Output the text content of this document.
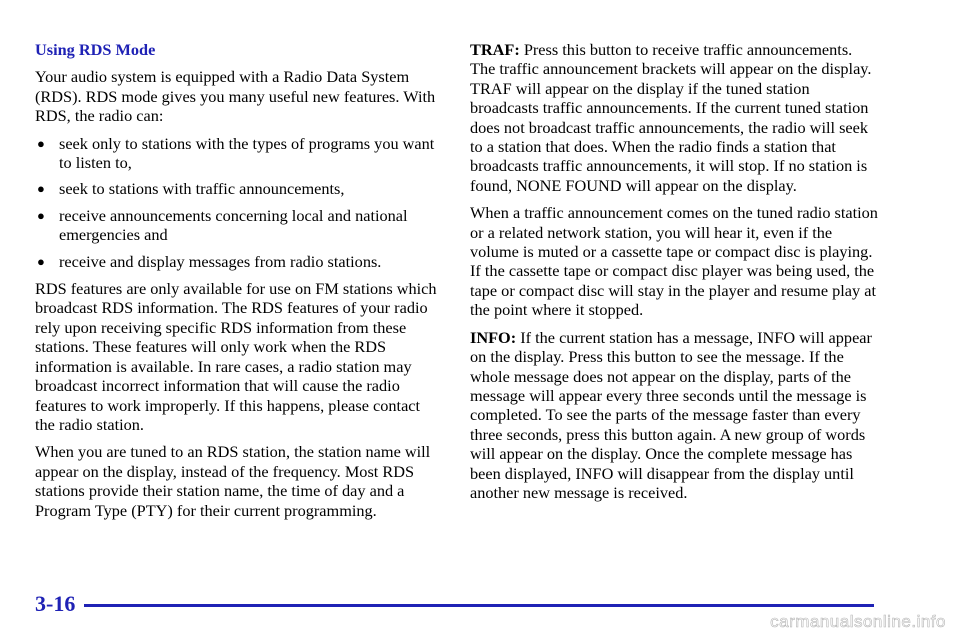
Using RDS Mode

Your audio system is equipped with a Radio Data System (RDS). RDS mode gives you many useful new features. With RDS, the radio can:

● seek only to stations with the types of programs you want to listen to,
● seek to stations with traffic announcements,
● receive announcements concerning local and national emergencies and
● receive and display messages from radio stations.

RDS features are only available for use on FM stations which broadcast RDS information. The RDS features of your radio rely upon receiving specific RDS information from these stations. These features will only work when the RDS information is available. In rare cases, a radio station may broadcast incorrect information that will cause the radio features to work improperly. If this happens, please contact the radio station.

When you are tuned to an RDS station, the station name will appear on the display, instead of the frequency. Most RDS stations provide their station name, the time of day and a Program Type (PTY) for their current programming.

TRAF: Press this button to receive traffic announcements. The traffic announcement brackets will appear on the display. TRAF will appear on the display if the tuned station broadcasts traffic announcements. If the current tuned station does not broadcast traffic announcements, the radio will seek to a station that does. When the radio finds a station that broadcasts traffic announcements, it will stop. If no station is found, NONE FOUND will appear on the display.

When a traffic announcement comes on the tuned radio station or a related network station, you will hear it, even if the volume is muted or a cassette tape or compact disc is playing. If the cassette tape or compact disc player was being used, the tape or compact disc will stay in the player and resume play at the point where it stopped.

INFO: If the current station has a message, INFO will appear on the display. Press this button to see the message. If the whole message does not appear on the display, parts of the message will appear every three seconds until the message is completed. To see the parts of the message faster than every three seconds, press this button again. A new group of words will appear on the display. Once the complete message has been displayed, INFO will disappear from the display until another new message is received.

3-16
carmanualsonline.info
